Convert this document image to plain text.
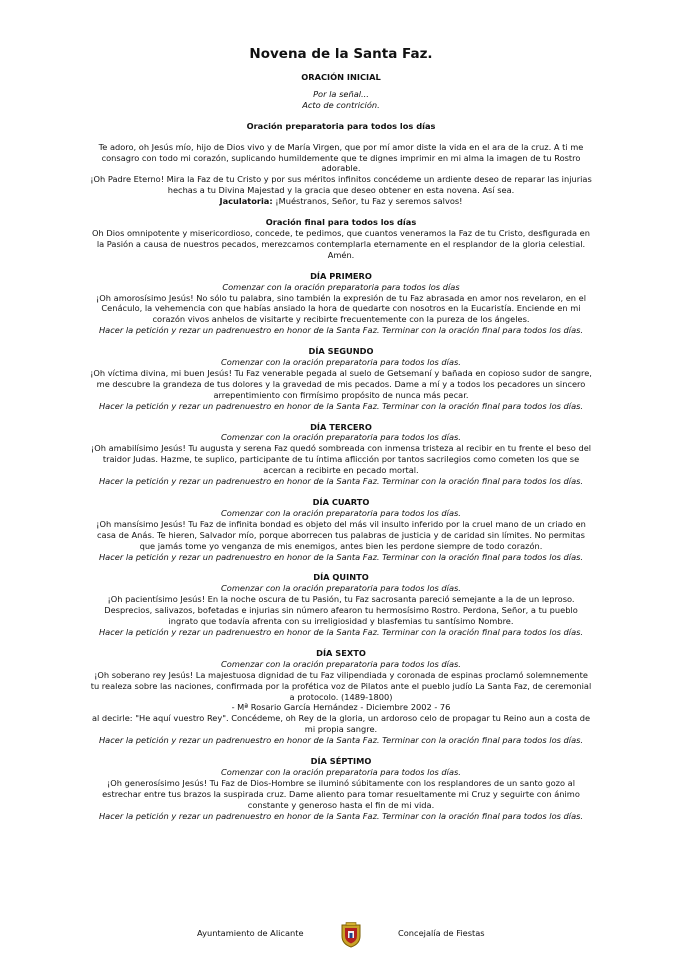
Novena de la Santa Faz.

ORACIÓN INICIAL

Por la señal...

Acto de contrición.

Oración preparatoria para todos los días

Te adoro, oh Jesús mío, hijo de Dios vivo y de María Virgen, que por mí amor diste la vida en el ara de la cruz. A ti me consagro con todo mi corazón, suplicando humildemente que te dignes imprimir en mi alma la imagen de tu Rostro adorable.

¡Oh Padre Eterno! Mira la Faz de tu Cristo y por sus méritos infinitos concédeme un ardiente deseo de reparar las injurias hechas a tu Divina Majestad y la gracia que deseo obtener en esta novena. Así sea.

Jaculatoria: ¡Muéstranos, Señor, tu Faz y seremos salvos!

Oración final para todos los días

Oh Dios omnipotente y misericordioso, concede, te pedimos, que cuantos veneramos la Faz de tu Cristo, desfigurada en la Pasión a causa de nuestros pecados, merezcamos contemplarla eternamente en el resplandor de la gloria celestial. Amén.

DÍA PRIMERO

Comenzar con la oración preparatoria para todos los días

¡Oh amorosísimo Jesús! No sólo tu palabra, sino también la expresión de tu Faz abrasada en amor nos revelaron, en el Cenáculo, la vehemencia con que habías ansiado la hora de quedarte con nosotros en la Eucaristía. Enciende en mi corazón vivos anhelos de visitarte y recibirte frecuentemente con la pureza de los ángeles.

Hacer la petición y rezar un padrenuestro en honor de la Santa Faz. Terminar con la oración final para todos los días.

DÍA SEGUNDO

Comenzar con la oración preparatoria para todos los días.

¡Oh víctima divina, mi buen Jesús! Tu Faz venerable pegada al suelo de Getsemaní y bañada en copioso sudor de sangre, me descubre la grandeza de tus dolores y la gravedad de mis pecados. Dame a mí y a todos los pecadores un sincero arrepentimiento con firmísimo propósito de nunca más pecar.

Hacer la petición y rezar un padrenuestro en honor de la Santa Faz. Terminar con la oración final para todos los días.

DÍA TERCERO

Comenzar con la oración preparatoria para todos los días.

¡Oh amabilísimo Jesús! Tu augusta y serena Faz quedó sombreada con inmensa tristeza al recibir en tu frente el beso del traidor Judas. Hazme, te suplico, participante de tu íntima aflicción por tantos sacrilegios como cometen los que se acercan a recibirte en pecado mortal.

Hacer la petición y rezar un padrenuestro en honor de la Santa Faz. Terminar con la oración final para todos los días.

DÍA CUARTO

Comenzar con la oración preparatoria para todos los días.

¡Oh mansísimo Jesús! Tu Faz de infinita bondad es objeto del más vil insulto inferido por la cruel mano de un criado en casa de Anás. Te hieren, Salvador mío, porque aborrecen tus palabras de justicia y de caridad sin límites. No permitas que jamás tome yo venganza de mis enemigos, antes bien les perdone siempre de todo corazón.

Hacer la petición y rezar un padrenuestro en honor de la Santa Faz. Terminar con la oración final para todos los días.

DÍA QUINTO

Comenzar con la oración preparatoria para todos los días.

¡Oh pacientísimo Jesús! En la noche oscura de tu Pasión, tu Faz sacrosanta pareció semejante a la de un leproso. Desprecios, salivazos, bofetadas e injurias sin número afearon tu hermosísimo Rostro. Perdona, Señor, a tu pueblo ingrato que todavía afrenta con su irreligiosidad y blasfemias tu santísimo Nombre.

Hacer la petición y rezar un padrenuestro en honor de la Santa Faz. Terminar con la oración final para todos los días.

DÍA SEXTO

Comenzar con la oración preparatoria para todos los días.

¡Oh soberano rey Jesús! La majestuosa dignidad de tu Faz vilipendiada y coronada de espinas proclamó solemnemente tu realeza sobre las naciones, confirmada por la profética voz de Pilatos ante el pueblo judío La Santa Faz, de ceremonial a protocolo. (1489-1800)

- Mª Rosario García Hernández - Diciembre 2002 - 76

al decirle: "He aquí vuestro Rey". Concédeme, oh Rey de la gloria, un ardoroso celo de propagar tu Reino aun a costa de mi propia sangre.

Hacer la petición y rezar un padrenuestro en honor de la Santa Faz. Terminar con la oración final para todos los días.

DÍA SÉPTIMO

Comenzar con la oración preparatoria para todos los días.

¡Oh generosísimo Jesús! Tu Faz de Dios-Hombre se iluminó súbitamente con los resplandores de un santo gozo al estrechar entre tus brazos la suspirada cruz. Dame aliento para tomar resueltamente mi Cruz y seguirte con ánimo constante y generoso hasta el fin de mi vida.

Hacer la petición y rezar un padrenuestro en honor de la Santa Faz. Terminar con la oración final para todos los días.

Ayuntamiento de Alicante	Concejalía de Fiestas
